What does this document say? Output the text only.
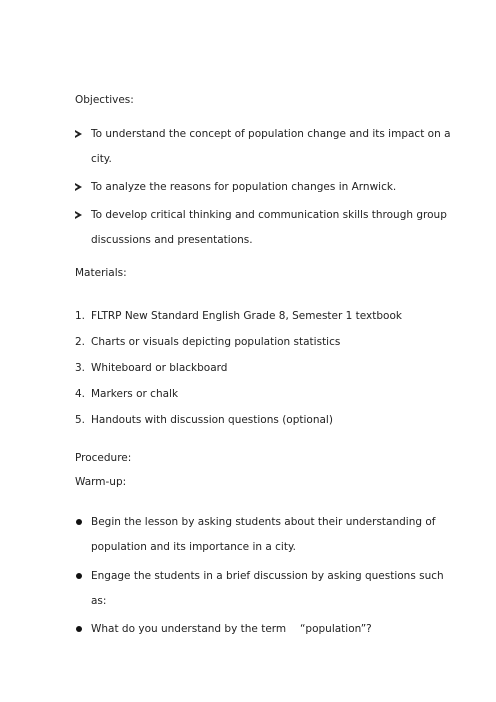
Objectives:

To understand the concept of population change and its impact on a
city.
To analyze the reasons for population changes in Arnwick.
To develop critical thinking and communication skills through group
discussions and presentations.

Materials:

1. FLTRP New Standard English Grade 8, Semester 1 textbook
2. Charts or visuals depicting population statistics
3. Whiteboard or blackboard
4. Markers or chalk
5. Handouts with discussion questions (optional)

Procedure:

Warm-up:

Begin the lesson by asking students about their understanding of
population and its importance in a city.
Engage the students in a brief discussion by asking questions such
as:
What do you understand by the term 　“population”?
